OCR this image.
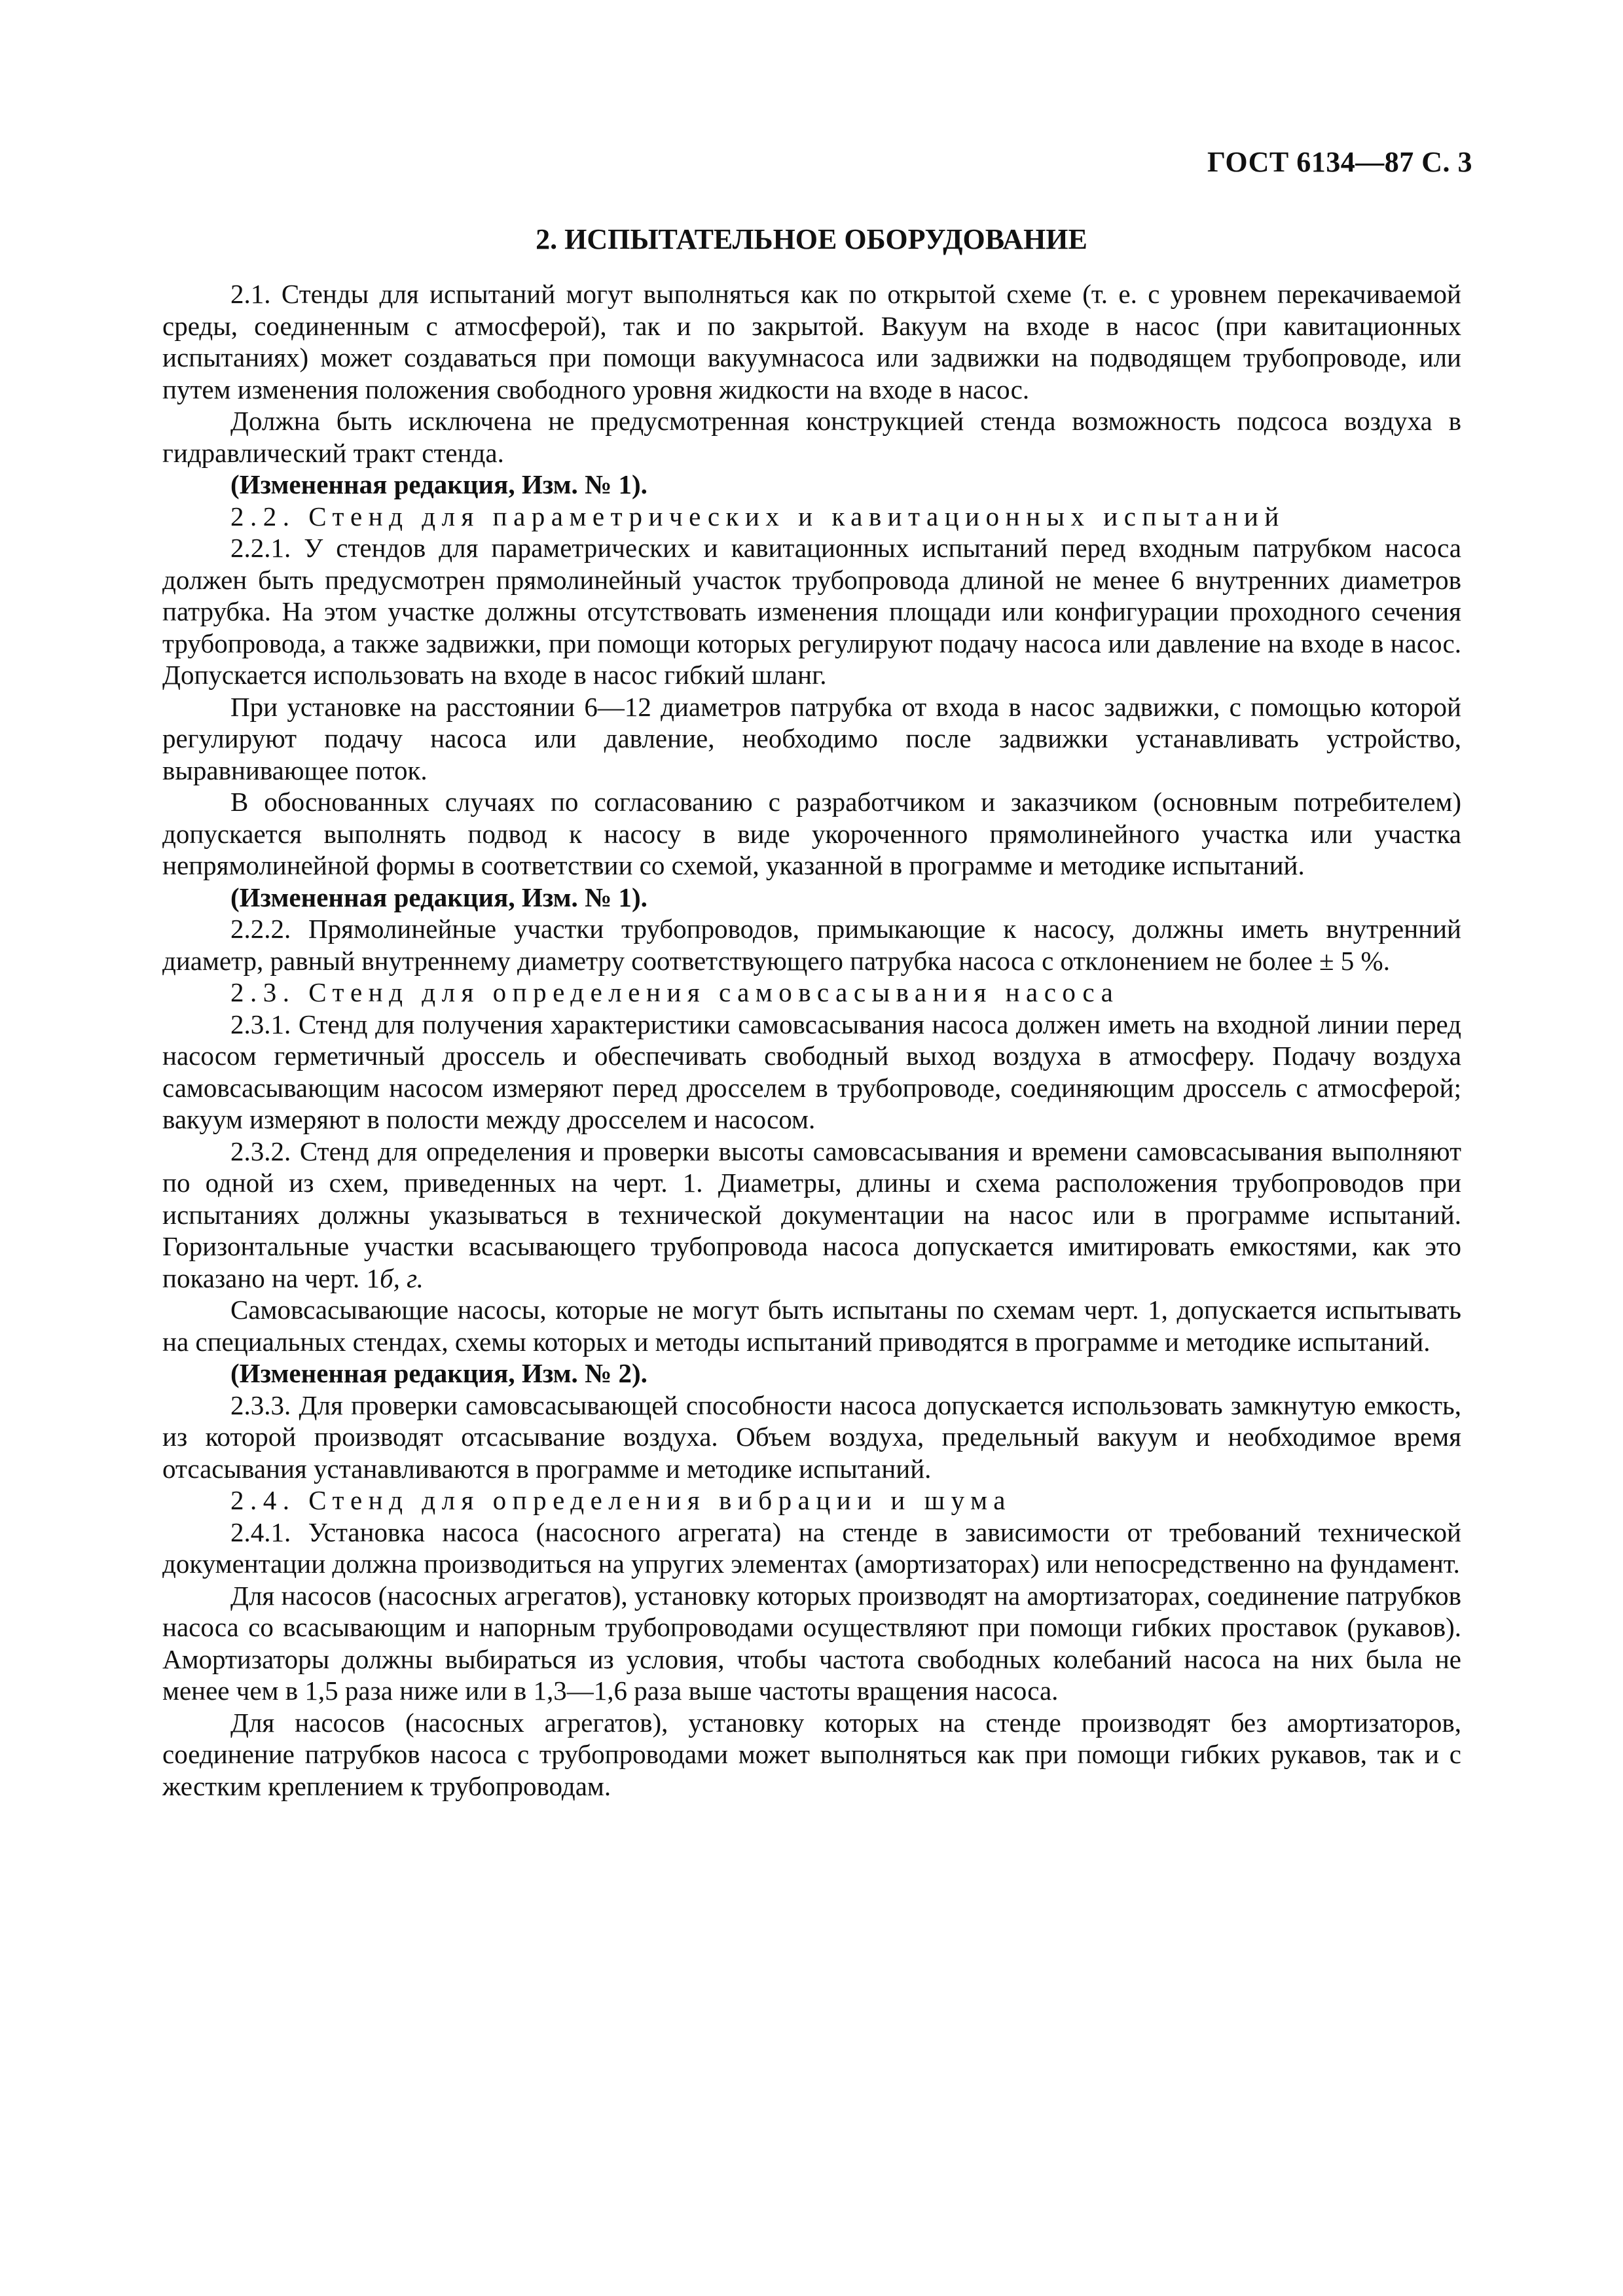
ГОСТ 6134—87 С. 3
2. ИСПЫТАТЕЛЬНОЕ ОБОРУДОВАНИЕ

2.1. Стенды для испытаний могут выполняться как по открытой схеме (т. е. с уровнем перекачиваемой среды, соединенным с атмосферой), так и по закрытой. Вакуум на входе в насос (при кавитационных испытаниях) может создаваться при помощи вакуумнасоса или задвижки на подводящем трубопроводе, или путем изменения положения свободного уровня жидкости на входе в насос.

Должна быть исключена не предусмотренная конструкцией стенда возможность подсоса воздуха в гидравлический тракт стенда.

(Измененная редакция, Изм. № 1).

2.2. Стенд для параметрических и кавитационных испытаний

2.2.1. У стендов для параметрических и кавитационных испытаний перед входным патрубком насоса должен быть предусмотрен прямолинейный участок трубопровода длиной не менее 6 внутренних диаметров патрубка. На этом участке должны отсутствовать изменения площади или конфигурации проходного сечения трубопровода, а также задвижки, при помощи которых регулируют подачу насоса или давление на входе в насос. Допускается использовать на входе в насос гибкий шланг.

При установке на расстоянии 6—12 диаметров патрубка от входа в насос задвижки, с помощью которой регулируют подачу насоса или давление, необходимо после задвижки устанавливать устройство, выравнивающее поток.

В обоснованных случаях по согласованию с разработчиком и заказчиком (основным потребителем) допускается выполнять подвод к насосу в виде укороченного прямолинейного участка или участка непрямолинейной формы в соответствии со схемой, указанной в программе и методике испытаний.

(Измененная редакция, Изм. № 1).

2.2.2. Прямолинейные участки трубопроводов, примыкающие к насосу, должны иметь внутренний диаметр, равный внутреннему диаметру соответствующего патрубка насоса с отклонением не более ± 5 %.

2.3. Стенд для определения самовсасывания насоса

2.3.1. Стенд для получения характеристики самовсасывания насоса должен иметь на входной линии перед насосом герметичный дроссель и обеспечивать свободный выход воздуха в атмосферу. Подачу воздуха самовсасывающим насосом измеряют перед дросселем в трубопроводе, соединяющим дроссель с атмосферой; вакуум измеряют в полости между дросселем и насосом.

2.3.2. Стенд для определения и проверки высоты самовсасывания и времени самовсасывания выполняют по одной из схем, приведенных на черт. 1. Диаметры, длины и схема расположения трубопроводов при испытаниях должны указываться в технической документации на насос или в программе испытаний. Горизонтальные участки всасывающего трубопровода насоса допускается имитировать емкостями, как это показано на черт. 1б, г.

Самовсасывающие насосы, которые не могут быть испытаны по схемам черт. 1, допускается испытывать на специальных стендах, схемы которых и методы испытаний приводятся в программе и методике испытаний.

(Измененная редакция, Изм. № 2).

2.3.3. Для проверки самовсасывающей способности насоса допускается использовать замкнутую емкость, из которой производят отсасывание воздуха. Объем воздуха, предельный вакуум и необходимое время отсасывания устанавливаются в программе и методике испытаний.

2.4. Стенд для определения вибрации и шума

2.4.1. Установка насоса (насосного агрегата) на стенде в зависимости от требований технической документации должна производиться на упругих элементах (амортизаторах) или непосредственно на фундамент.

Для насосов (насосных агрегатов), установку которых производят на амортизаторах, соединение патрубков насоса со всасывающим и напорным трубопроводами осуществляют при помощи гибких проставок (рукавов). Амортизаторы должны выбираться из условия, чтобы частота свободных колебаний насоса на них была не менее чем в 1,5 раза ниже или в 1,3—1,6 раза выше частоты вращения насоса.

Для насосов (насосных агрегатов), установку которых на стенде производят без амортизаторов, соединение патрубков насоса с трубопроводами может выполняться как при помощи гибких рукавов, так и с жестким креплением к трубопроводам.
